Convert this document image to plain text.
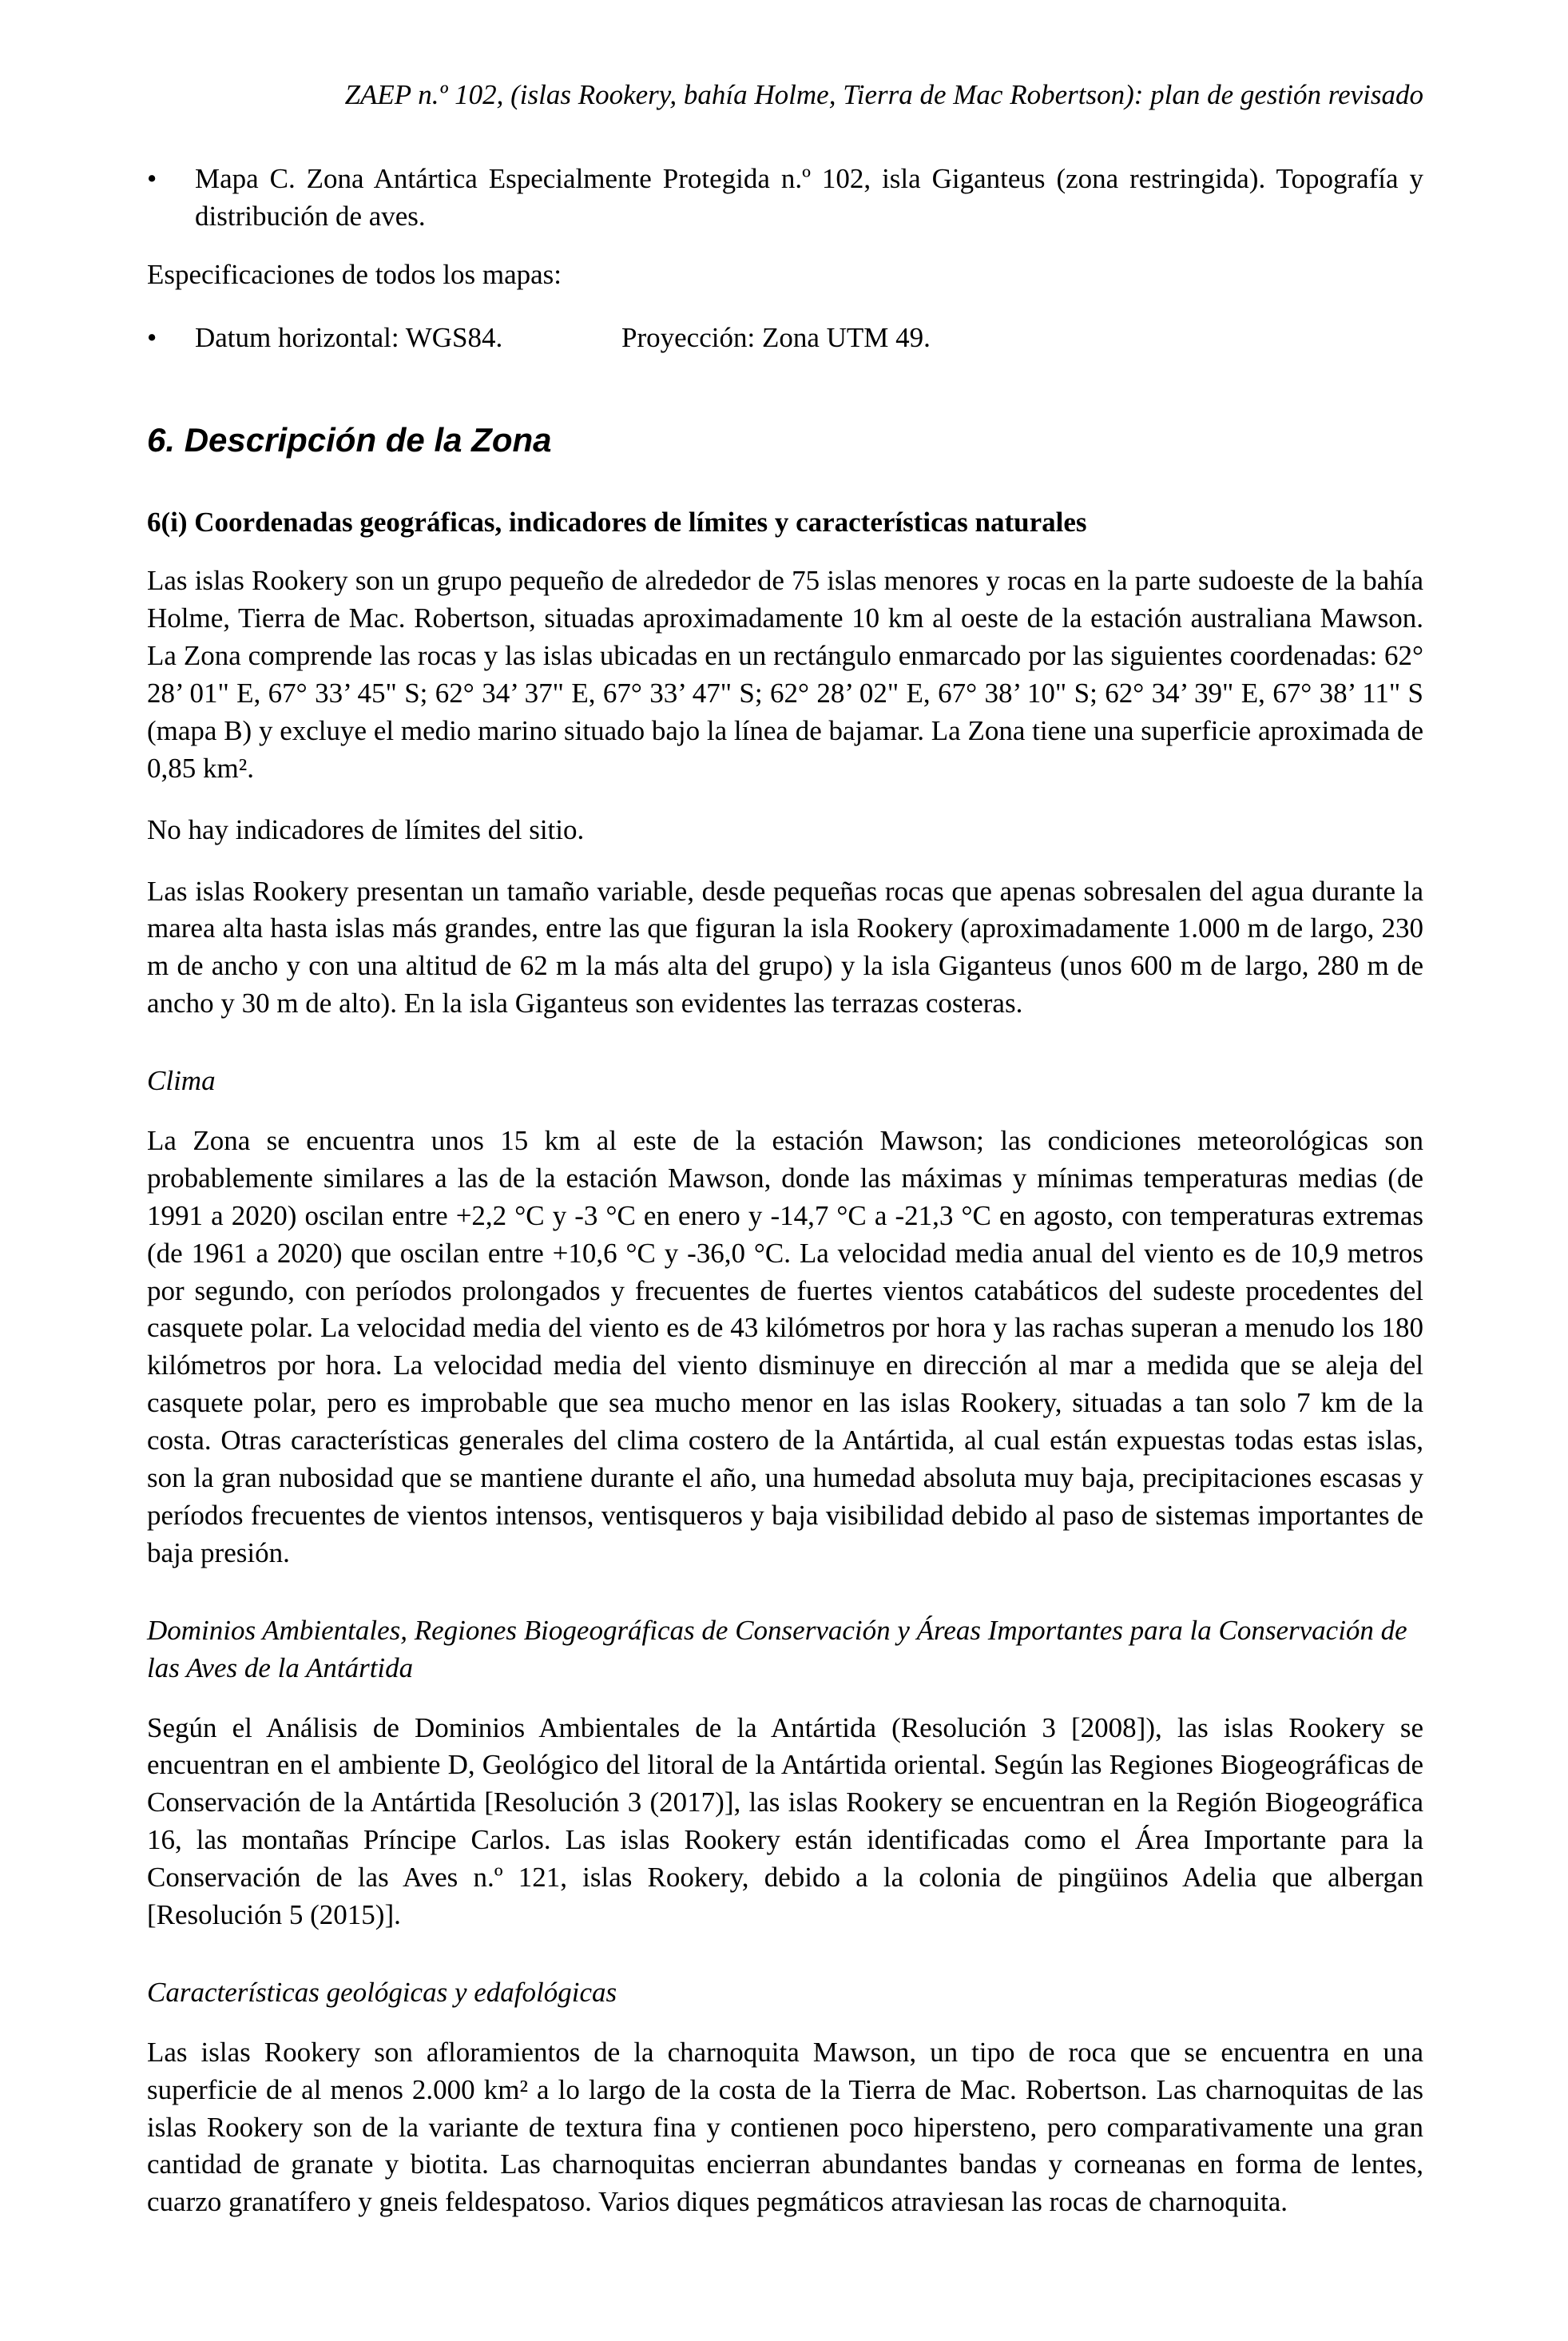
ZAEP n.º 102, (islas Rookery, bahía Holme, Tierra de Mac Robertson): plan de gestión revisado
•	Mapa C. Zona Antártica Especialmente Protegida n.º 102, isla Giganteus (zona restringida). Topografía y distribución de aves.

Especificaciones de todos los mapas:

•	Datum horizontal: WGS84.	Proyección: Zona UTM 49.
6. Descripción de la Zona
6(i) Coordenadas geográficas, indicadores de límites y características naturales

Las islas Rookery son un grupo pequeño de alrededor de 75 islas menores y rocas en la parte sudoeste de la bahía Holme, Tierra de Mac. Robertson, situadas aproximadamente 10 km al oeste de la estación australiana Mawson. La Zona comprende las rocas y las islas ubicadas en un rectángulo enmarcado por las siguientes coordenadas: 62° 28’ 01" E, 67° 33’ 45" S; 62° 34’ 37" E, 67° 33’ 47" S; 62° 28’ 02" E, 67° 38’ 10" S; 62° 34’ 39" E, 67° 38’ 11" S (mapa B) y excluye el medio marino situado bajo la línea de bajamar. La Zona tiene una superficie aproximada de 0,85 km².

No hay indicadores de límites del sitio.

Las islas Rookery presentan un tamaño variable, desde pequeñas rocas que apenas sobresalen del agua durante la marea alta hasta islas más grandes, entre las que figuran la isla Rookery (aproximadamente 1.000 m de largo, 230 m de ancho y con una altitud de 62 m la más alta del grupo) y la isla Giganteus (unos 600 m de largo, 280 m de ancho y 30 m de alto). En la isla Giganteus son evidentes las terrazas costeras.

Clima

La Zona se encuentra unos 15 km al este de la estación Mawson; las condiciones meteorológicas son probablemente similares a las de la estación Mawson, donde las máximas y mínimas temperaturas medias (de 1991 a 2020) oscilan entre +2,2 °C y -3 °C en enero y -14,7 °C a -21,3 °C en agosto, con temperaturas extremas (de 1961 a 2020) que oscilan entre +10,6 °C y -36,0 °C. La velocidad media anual del viento es de 10,9 metros por segundo, con períodos prolongados y frecuentes de fuertes vientos catabáticos del sudeste procedentes del casquete polar. La velocidad media del viento es de 43 kilómetros por hora y las rachas superan a menudo los 180 kilómetros por hora. La velocidad media del viento disminuye en dirección al mar a medida que se aleja del casquete polar, pero es improbable que sea mucho menor en las islas Rookery, situadas a tan solo 7 km de la costa. Otras características generales del clima costero de la Antártida, al cual están expuestas todas estas islas, son la gran nubosidad que se mantiene durante el año, una humedad absoluta muy baja, precipitaciones escasas y períodos frecuentes de vientos intensos, ventisqueros y baja visibilidad debido al paso de sistemas importantes de baja presión.

Dominios Ambientales, Regiones Biogeográficas de Conservación y Áreas Importantes para la Conservación de las Aves de la Antártida

Según el Análisis de Dominios Ambientales de la Antártida (Resolución 3 [2008]), las islas Rookery se encuentran en el ambiente D, Geológico del litoral de la Antártida oriental. Según las Regiones Biogeográficas de Conservación de la Antártida [Resolución 3 (2017)], las islas Rookery se encuentran en la Región Biogeográfica 16, las montañas Príncipe Carlos. Las islas Rookery están identificadas como el Área Importante para la Conservación de las Aves n.º 121, islas Rookery, debido a la colonia de pingüinos Adelia que albergan [Resolución 5 (2015)].

Características geológicas y edafológicas

Las islas Rookery son afloramientos de la charnoquita Mawson, un tipo de roca que se encuentra en una superficie de al menos 2.000 km² a lo largo de la costa de la Tierra de Mac. Robertson. Las charnoquitas de las islas Rookery son de la variante de textura fina y contienen poco hipersteno, pero comparativamente una gran cantidad de granate y biotita. Las charnoquitas encierran abundantes bandas y corneanas en forma de lentes, cuarzo granatífero y gneis feldespatoso. Varios diques pegmáticos atraviesan las rocas de charnoquita.
